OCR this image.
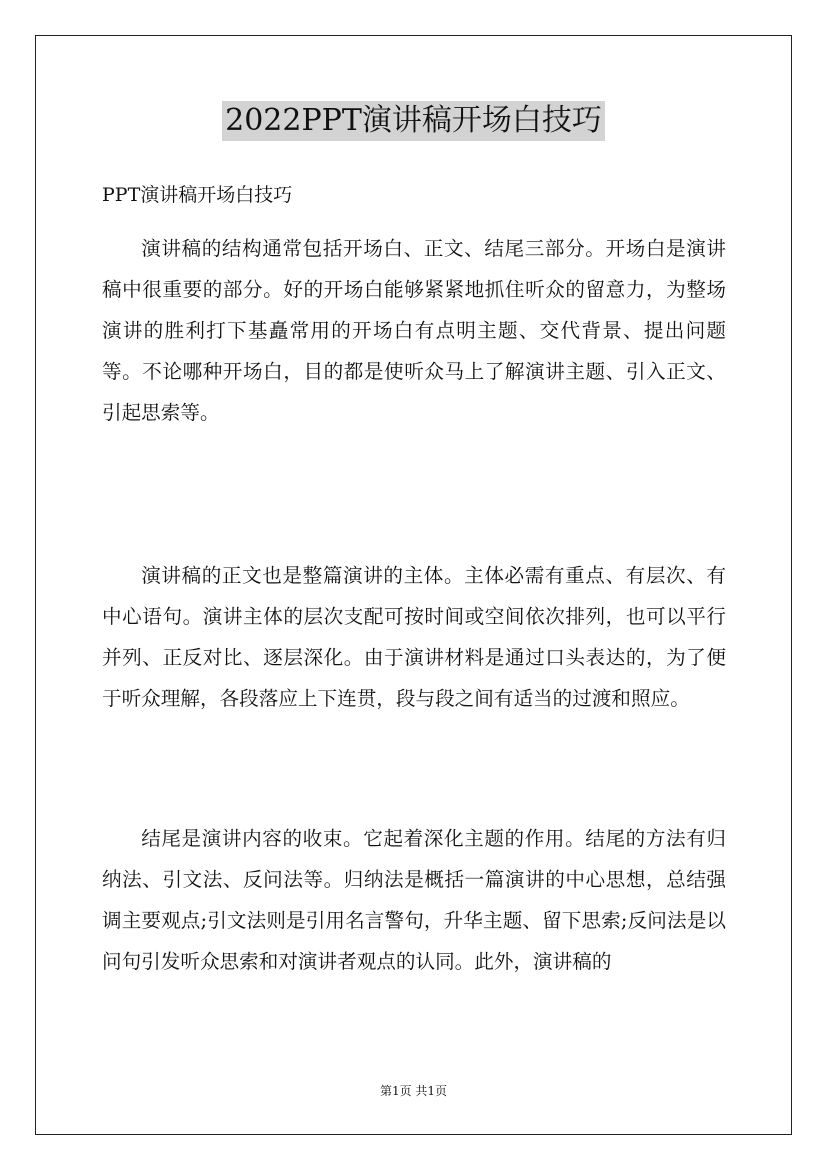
2022PPT演讲稿开场白技巧
PPT演讲稿开场白技巧

演讲稿的结构通常包括开场白、正文、结尾三部分。开场白是演讲稿中很重要的部分。好的开场白能够紧紧地抓住听众的留意力，为整场演讲的胜利打下基矗常用的开场白有点明主题、交代背景、提出问题等。不论哪种开场白，目的都是使听众马上了解演讲主题、引入正文、引起思索等。

演讲稿的正文也是整篇演讲的主体。主体必需有重点、有层次、有中心语句。演讲主体的层次支配可按时间或空间依次排列，也可以平行并列、正反对比、逐层深化。由于演讲材料是通过口头表达的，为了便于听众理解，各段落应上下连贯，段与段之间有适当的过渡和照应。

结尾是演讲内容的收束。它起着深化主题的作用。结尾的方法有归纳法、引文法、反问法等。归纳法是概括一篇演讲的中心思想，总结强调主要观点;引文法则是引用名言警句，升华主题、留下思索;反问法是以问句引发听众思索和对演讲者观点的认同。此外，演讲稿的

第1页 共1页
